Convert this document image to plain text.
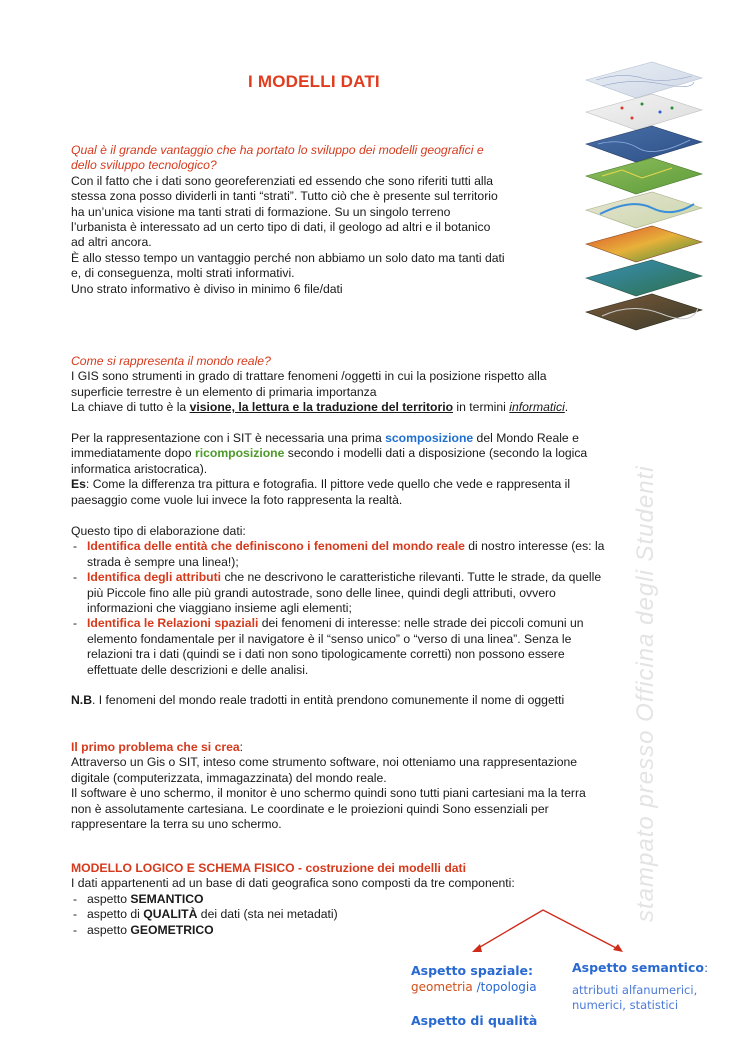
I MODELLI DATI
stampato presso Officina degli Studenti

Qual è il grande vantaggio che ha portato lo sviluppo dei modelli geografici e

dello sviluppo tecnologico?

Con il fatto che i dati sono georeferenziati ed essendo che sono riferiti tutti alla

stessa zona posso dividerli in tanti “strati”. Tutto ciò che è presente sul territorio

ha un’unica visione ma tanti strati di formazione. Su un singolo terreno

l’urbanista è interessato ad un certo tipo di dati, il geologo ad altri e il botanico

ad altri ancora.

È allo stesso tempo un vantaggio perché non abbiamo un solo dato ma tanti dati

e, di conseguenza, molti strati informativi.

Uno strato informativo è diviso in minimo 6 file/dati

Come si rappresenta il mondo reale?

I GIS sono strumenti in grado di trattare fenomeni /oggetti in cui la posizione rispetto alla

superficie terrestre è un elemento di primaria importanza

La chiave di tutto è la visione, la lettura e la traduzione del territorio in termini informatici.

Per la rappresentazione con i SIT è necessaria una prima scomposizione del Mondo Reale e

immediatamente dopo ricomposizione secondo i modelli dati a disposizione (secondo la logica

informatica aristocratica).

Es: Come la differenza tra pittura e fotografia. Il pittore vede quello che vede e rappresenta il

paesaggio come vuole lui invece la foto rappresenta la realtà.

Questo tipo di elaborazione dati:

- Identifica delle entità che definiscono i fenomeni del mondo reale di nostro interesse (es: la
strada è sempre una linea!);
- Identifica degli attributi che ne descrivono le caratteristiche rilevanti. Tutte le strade, da quelle
più Piccole fino alle più grandi autostrade, sono delle linee, quindi degli attributi, ovvero
informazioni che viaggiano insieme agli elementi;
- Identifica le Relazioni spaziali dei fenomeni di interesse: nelle strade dei piccoli comuni un
elemento fondamentale per il navigatore è il “senso unico” o “verso di una linea”. Senza le
relazioni tra i dati (quindi se i dati non sono tipologicamente corretti) non possono essere
effettuate delle descrizioni e delle analisi.

N.B. I fenomeni del mondo reale tradotti in entità prendono comunemente il nome di oggetti

Il primo problema che si crea:

Attraverso un Gis o SIT, inteso come strumento software, noi otteniamo una rappresentazione

digitale (computerizzata, immagazzinata) del mondo reale.

Il software è uno schermo, il monitor è uno schermo quindi sono tutti piani cartesiani ma la terra

non è assolutamente cartesiana. Le coordinate e le proiezioni quindi Sono essenziali per

rappresentare la terra su uno schermo.

MODELLO LOGICO E SCHEMA FISICO - costruzione dei modelli dati

I dati appartenenti ad un base di dati geografica sono composti da tre componenti:

- aspetto SEMANTICO
- aspetto di QUALITÀ dei dati (sta nei metadati)
- aspetto GEOMETRICO
Aspetto spaziale:
geometria /topologia
Aspetto semantico:
attributi alfanumerici,
numerici, statistici
Aspetto di qualità
